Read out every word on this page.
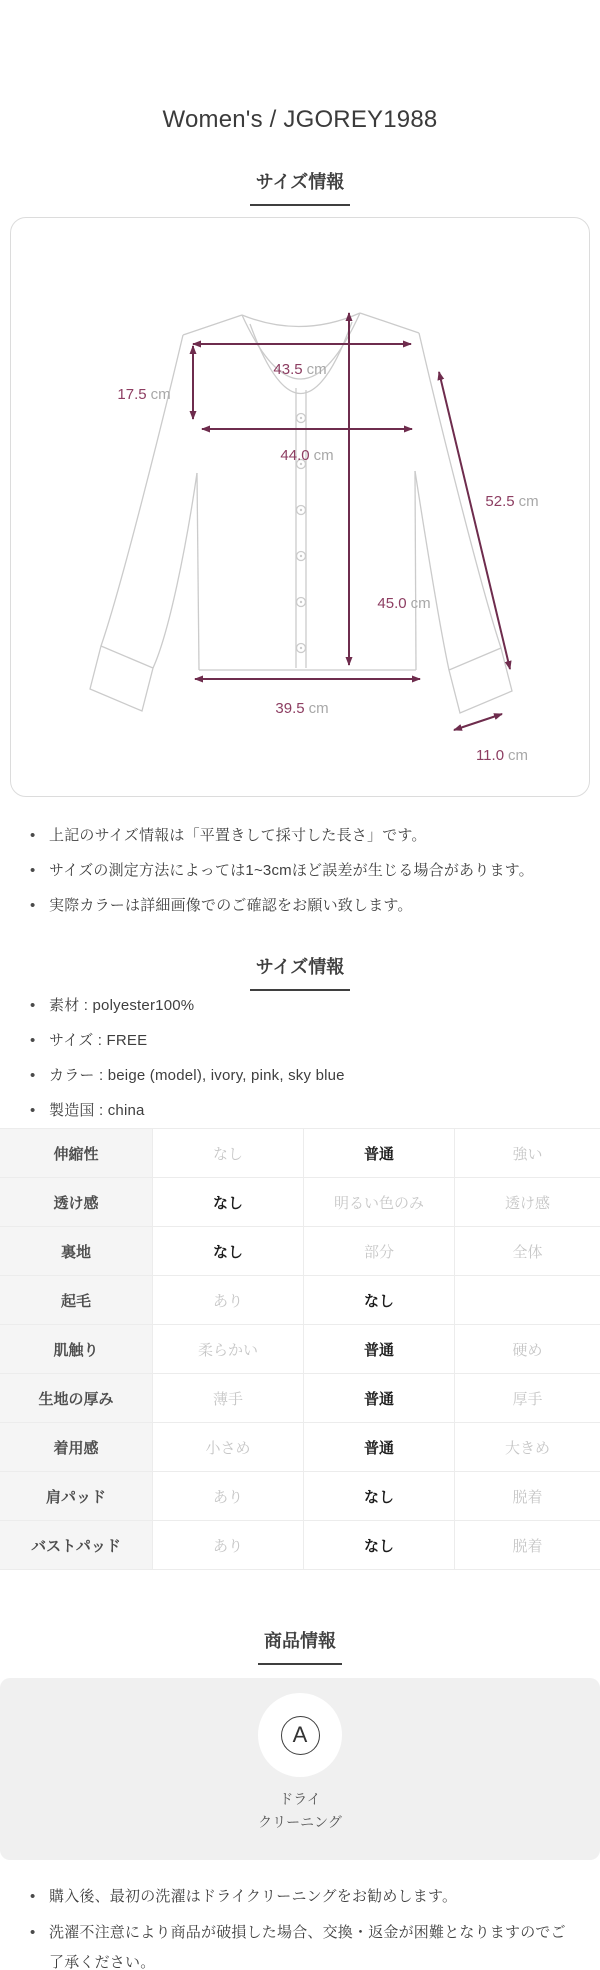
Women's / JGOREY1988
サイズ情報
43.5 cm
17.5 cm
44.0 cm
45.0 cm
52.5 cm
39.5 cm
11.0 cm
• 上記のサイズ情報は「平置きして採寸した長さ」です。
• サイズの測定方法によっては1~3cmほど誤差が生じる場合があります。
• 実際カラーは詳細画像でのご確認をお願い致します。
サイズ情報
• 素材 : polyester100%
• サイズ : FREE
• カラー : beige (model), ivory, pink, sky blue
• 製造国 : china
伸縮性	なし	普通	強い
透け感	なし	明るい色のみ	透け感
裏地	なし	部分	全体
起毛	あり	なし
肌触り	柔らかい	普通	硬め
生地の厚み	薄手	普通	厚手
着用感	小さめ	普通	大きめ
肩パッド	あり	なし	脱着
バストパッド	あり	なし	脱着
商品情報
A
ドライ
クリーニング
• 購入後、最初の洗濯はドライクリーニングをお勧めします。
• 洗濯不注意により商品が破損した場合、交換・返金が困難となりますのでご了承ください。
